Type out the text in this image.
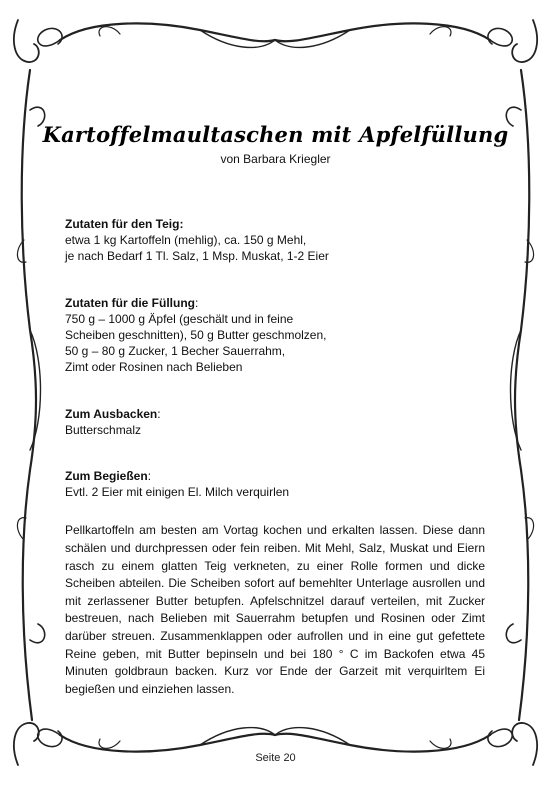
Kartoffelmaultaschen mit Apfelfüllung
von Barbara Kriegler
Zutaten für den Teig:
etwa 1 kg Kartoffeln (mehlig), ca. 150 g Mehl,
je nach Bedarf 1 Tl. Salz, 1 Msp. Muskat, 1-2 Eier
Zutaten für die Füllung:
750 g – 1000 g Äpfel (geschält und in feine
Scheiben geschnitten), 50 g Butter geschmolzen,
50 g – 80 g Zucker, 1 Becher Sauerrahm,
Zimt oder Rosinen nach Belieben
Zum Ausbacken:
Butterschmalz
Zum Begießen:
Evtl. 2 Eier mit einigen El. Milch verquirlen
Pellkartoffeln am besten am Vortag kochen und erkalten lassen. Diese dann schälen und durchpressen oder fein reiben. Mit Mehl, Salz, Muskat und Eiern rasch zu einem glatten Teig verkneten, zu einer Rolle formen und dicke Scheiben abteilen. Die Scheiben sofort auf bemehlter Unterlage ausrollen und mit zerlassener Butter betupfen. Apfelschnitzel darauf verteilen, mit Zucker bestreuen, nach Belieben mit Sauerrahm betupfen und Rosinen oder Zimt darüber streuen. Zusammenklappen oder aufrollen und in eine gut gefettete Reine geben, mit Butter bepinseln und bei 180 ° C im Backofen etwa 45 Minuten goldbraun backen. Kurz vor Ende der Garzeit mit verquirltem Ei begießen und einziehen lassen.
Seite 20
